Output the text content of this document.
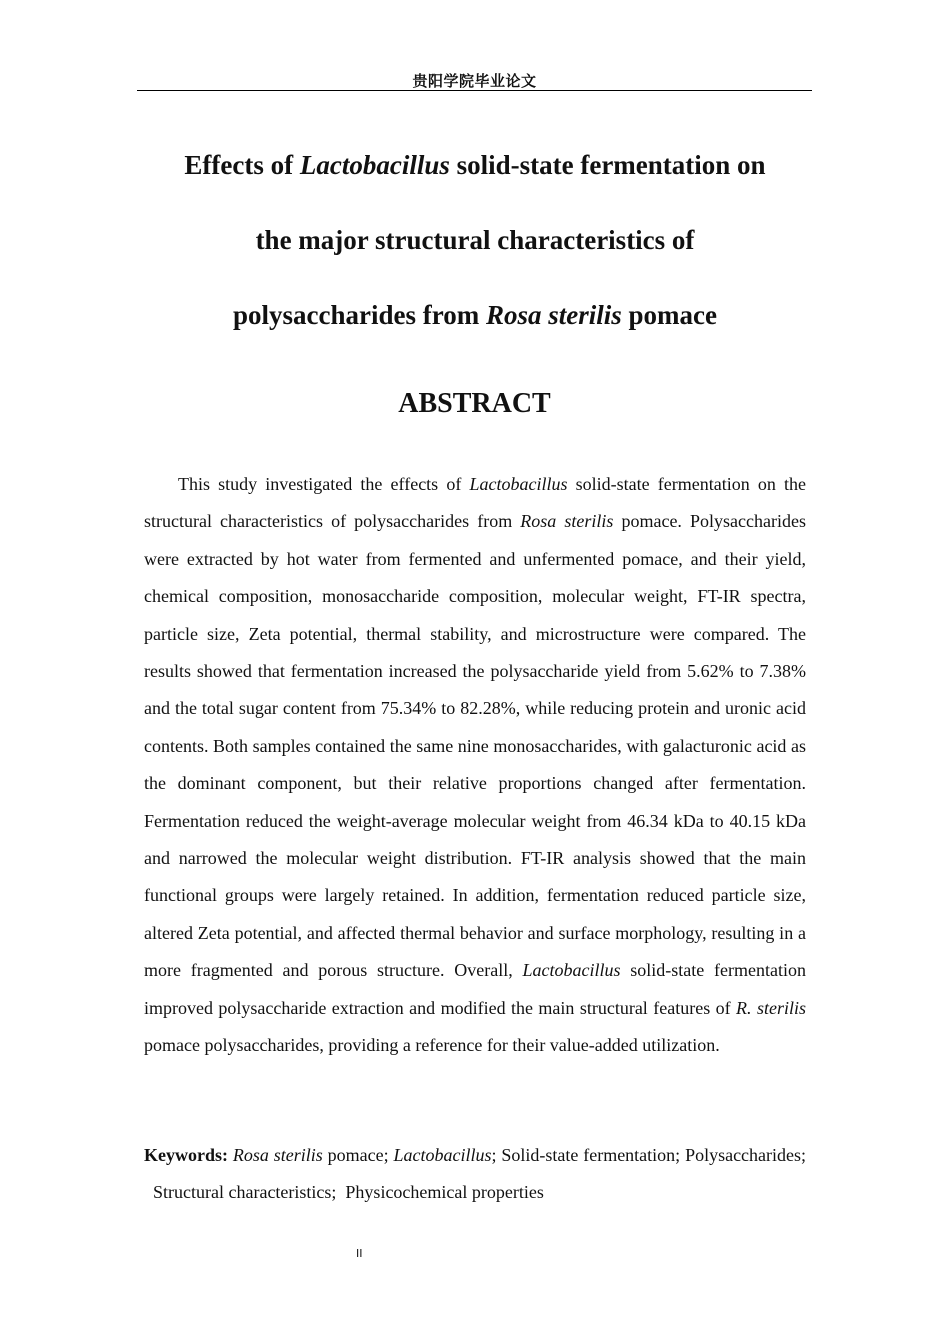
贵阳学院毕业论文
Effects of Lactobacillus solid-state fermentation on
the major structural characteristics of
polysaccharides from Rosa sterilis pomace
ABSTRACT

This study investigated the effects of Lactobacillus solid-state fermentation on the structural characteristics of polysaccharides from Rosa sterilis pomace. Polysaccharides were extracted by hot water from fermented and unfermented pomace, and their yield, chemical composition, monosaccharide composition, molecular weight, FT-IR spectra, particle size, Zeta potential, thermal stability, and microstructure were compared. The results showed that fermentation increased the polysaccharide yield from 5.62% to 7.38% and the total sugar content from 75.34% to 82.28%, while reducing protein and uronic acid contents. Both samples contained the same nine monosaccharides, with galacturonic acid as the dominant component, but their relative proportions changed after fermentation. Fermentation reduced the weight-average molecular weight from 46.34 kDa to 40.15 kDa and narrowed the molecular weight distribution. FT-IR analysis showed that the main functional groups were largely retained. In addition, fermentation reduced particle size, altered Zeta potential, and affected thermal behavior and surface morphology, resulting in a more fragmented and porous structure. Overall, Lactobacillus solid-state fermentation improved polysaccharide extraction and modified the main structural features of R. sterilis pomace polysaccharides, providing a reference for their value-added utilization.

Keywords: Rosa sterilis pomace; Lactobacillus; Solid-state fermentation; Polysaccharides;  Structural characteristics; Physicochemical properties

II
